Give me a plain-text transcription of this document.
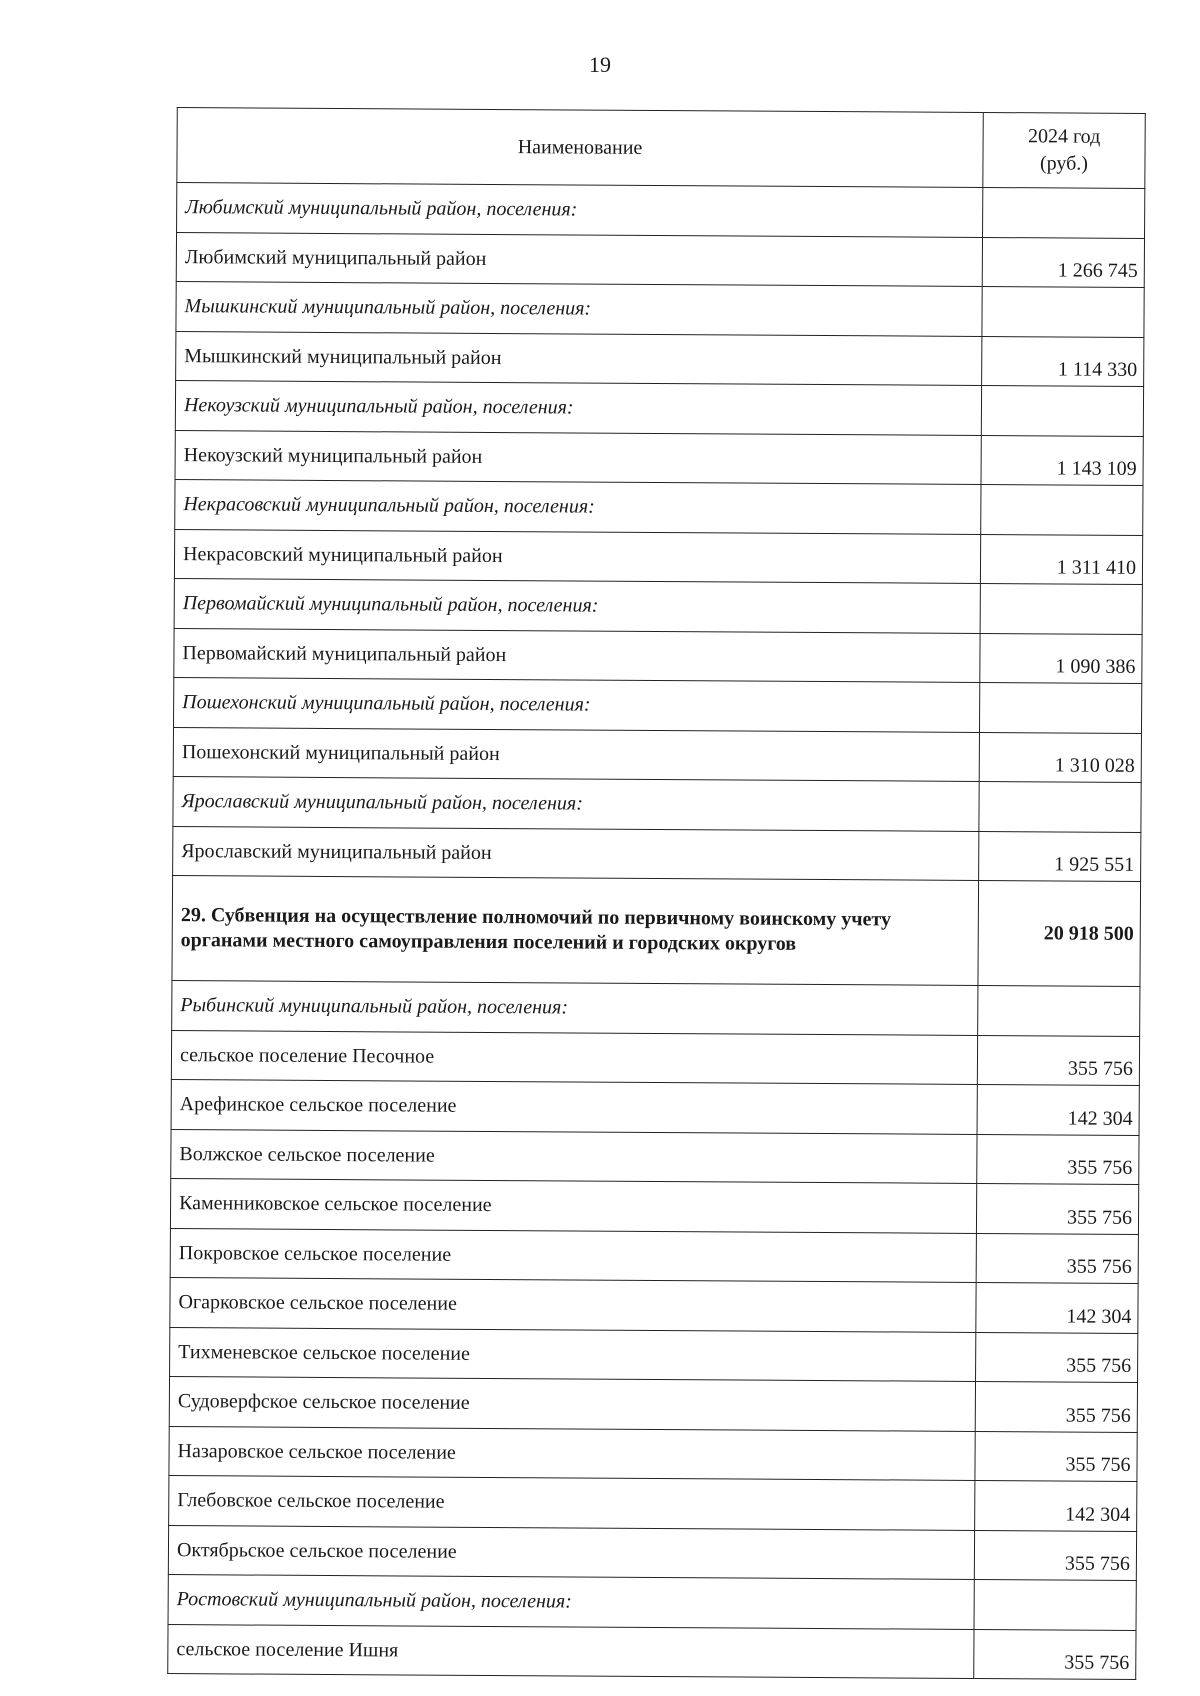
19
Наименование	2024 год
(руб.)
Любимский муниципальный район, поселения:	
Любимский муниципальный район	1 266 745
Мышкинский муниципальный район, поселения:	
Мышкинский муниципальный район	1 114 330
Некоузский муниципальный район, поселения:	
Некоузский муниципальный район	1 143 109
Некрасовский муниципальный район, поселения:	
Некрасовский муниципальный район	1 311 410
Первомайский муниципальный район, поселения:	
Первомайский муниципальный район	1 090 386
Пошехонский муниципальный район, поселения:	
Пошехонский муниципальный район	1 310 028
Ярославский муниципальный район, поселения:	
Ярославский муниципальный район	1 925 551
29. Субвенция на осуществление полномочий по первичному воинскому учету органами местного самоуправления поселений и городских округов	20 918 500
Рыбинский муниципальный район, поселения:	
сельское поселение Песочное	355 756
Арефинское сельское поселение	142 304
Волжское сельское поселение	355 756
Каменниковское сельское поселение	355 756
Покровское сельское поселение	355 756
Огарковское сельское поселение	142 304
Тихменевское сельское поселение	355 756
Судоверфское сельское поселение	355 756
Назаровское сельское поселение	355 756
Глебовское сельское поселение	142 304
Октябрьское сельское поселение	355 756
Ростовский муниципальный район, поселения:	
сельское поселение Ишня	355 756
